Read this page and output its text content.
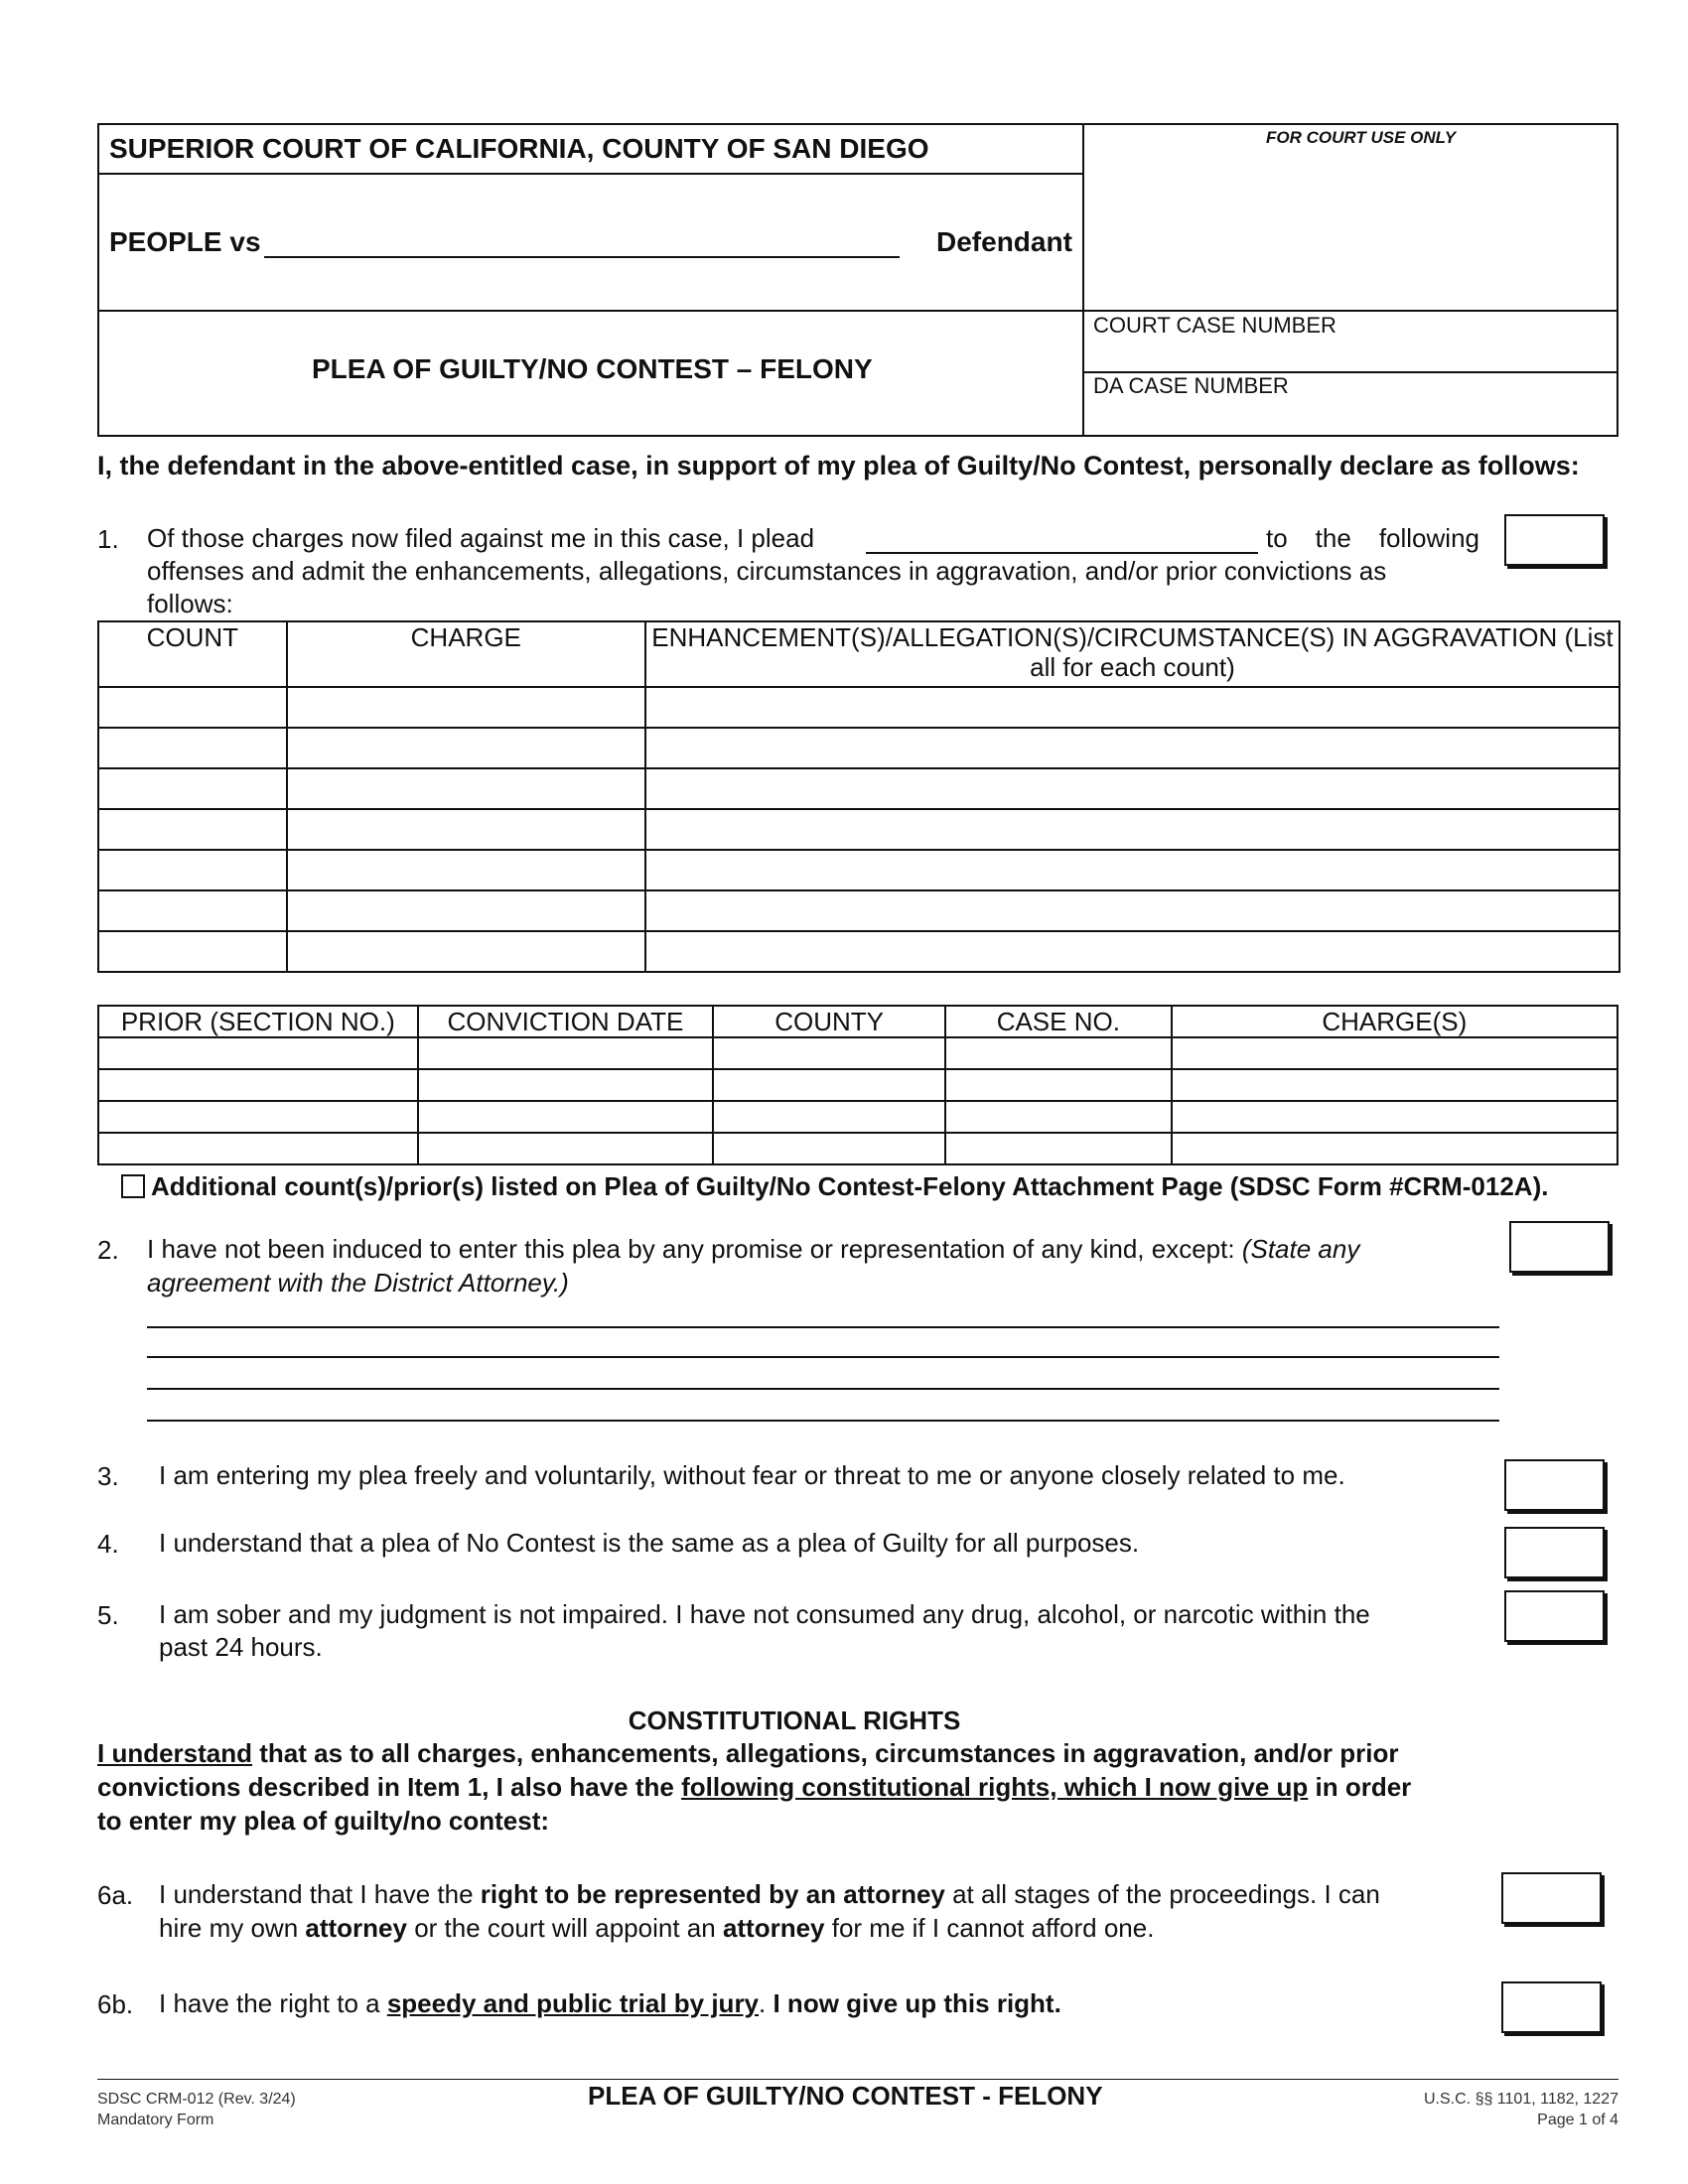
SUPERIOR COURT OF CALIFORNIA, COUNTY OF SAN DIEGO	FOR COURT USE ONLY
PEOPLE vs	Defendant
PLEA OF GUILTY/NO CONTEST – FELONY
COURT CASE NUMBER
DA CASE NUMBER
I, the defendant in the above-entitled case, in support of my plea of Guilty/No Contest, personally declare as follows:
1. Of those charges now filed against me in this case, I plead	to the following
offenses and admit the enhancements, allegations, circumstances in aggravation, and/or prior convictions as
follows:
COUNT	CHARGE	ENHANCEMENT(S)/ALLEGATION(S)/CIRCUMSTANCE(S) IN AGGRAVATION (List all for each count)

PRIOR (SECTION NO.)	CONVICTION DATE	COUNTY	CASE NO.	CHARGE(S)

Additional count(s)/prior(s) listed on Plea of Guilty/No Contest-Felony Attachment Page (SDSC Form #CRM-012A).
2. I have not been induced to enter this plea by any promise or representation of any kind, except: (State any
agreement with the District Attorney.)
3. I am entering my plea freely and voluntarily, without fear or threat to me or anyone closely related to me.
4. I understand that a plea of No Contest is the same as a plea of Guilty for all purposes.
5. I am sober and my judgment is not impaired. I have not consumed any drug, alcohol, or narcotic within the
past 24 hours.
CONSTITUTIONAL RIGHTS
I understand that as to all charges, enhancements, allegations, circumstances in aggravation, and/or prior
convictions described in Item 1, I also have the following constitutional rights, which I now give up in order
to enter my plea of guilty/no contest:
6a. I understand that I have the right to be represented by an attorney at all stages of the proceedings. I can
hire my own attorney or the court will appoint an attorney for me if I cannot afford one.
6b. I have the right to a speedy and public trial by jury. I now give up this right.
SDSC CRM-012 (Rev. 3/24)
Mandatory Form
PLEA OF GUILTY/NO CONTEST - FELONY	U.S.C. §§ 1101, 1182, 1227
Page 1 of 4
